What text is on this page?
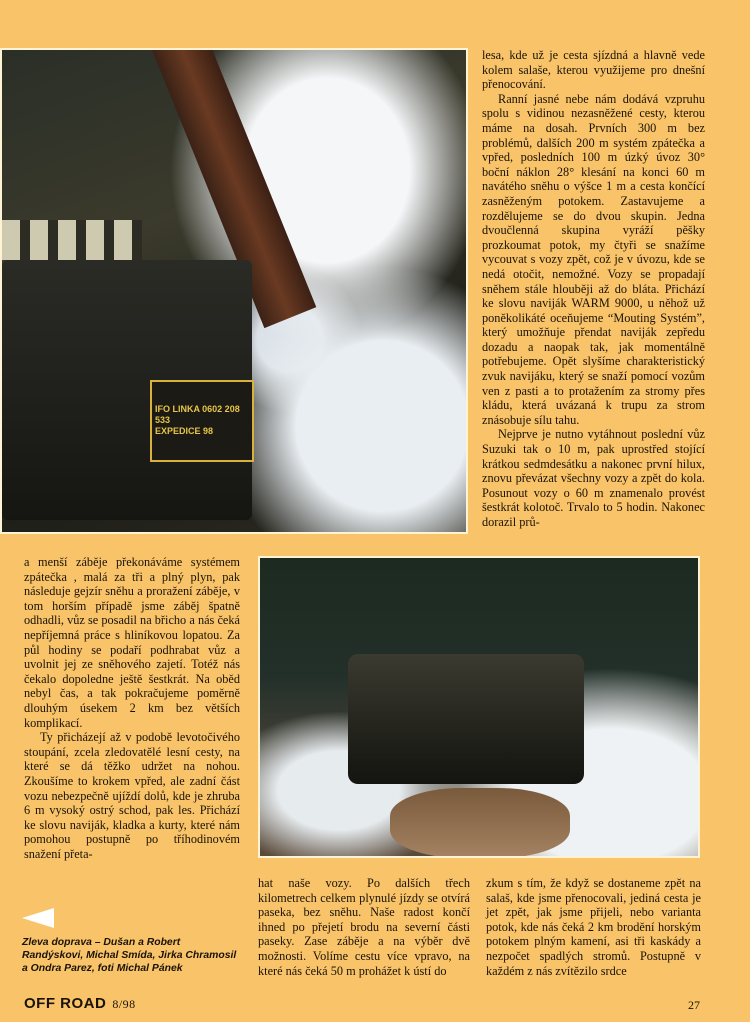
IFO LINKA 0602 208 533
EXPEDICE 98

lesa, kde už je cesta sjízdná a hlavně vede kolem salaše, kterou využijeme pro dnešní přenocování.

Ranní jasné nebe nám dodává vzpruhu spolu s vidinou nezasněžené cesty, kterou máme na dosah. Prvních 300 m bez problémů, dalších 200 m systém zpátečka a vpřed, posledních 100 m úzký úvoz 30° boční náklon 28° klesání na konci 60 m navátého sněhu o výšce 1 m a cesta končící zasněženým potokem. Zastavujeme a rozdělujeme se do dvou skupin. Jedna dvoučlenná skupina vyráží pěšky prozkoumat potok, my čtyři se snažíme vycouvat s vozy zpět, což je v úvozu, kde se nedá otočit, nemožné. Vozy se propadají sněhem stále hlouběji až do bláta. Přichází ke slovu naviják WARM 9000, u něhož už poněkolikáté oceňujeme “Mouting Systém”, který umožňuje přendat naviják zepředu dozadu a naopak tak, jak momentálně potřebujeme. Opět slyšíme charakteristický zvuk navijáku, který se snaží pomocí vozům ven z pasti a to protažením za stromy přes kládu, která uvázaná k trupu za strom znásobuje sílu tahu.

Nejprve je nutno vytáhnout poslední vůz Suzuki tak o 10 m, pak uprostřed stojící krátkou sedmdesátku a nakonec první hilux, znovu převázat všechny vozy a zpět do kola. Posunout vozy o 60 m znamenalo provést šestkrát kolotoč. Trvalo to 5 hodin. Nakonec dorazil prů-

a menší záběje překonáváme systémem zpátečka , malá za tři a plný plyn, pak následuje gejzír sněhu a proražení záběje, v tom horším případě jsme záběj špatně odhadli, vůz se posadil na břicho a nás čeká nepříjemná práce s hliníkovou lopatou. Za půl hodiny se podaří podhrabat vůz a uvolnit jej ze sněhového zajetí. Totéž nás čekalo dopoledne ještě šestkrát. Na oběd nebyl čas, a tak pokračujeme poměrně dlouhým úsekem 2 km bez větších komplikací.

Ty přicházejí až v podobě levotočivého stoupání, zcela zledovatělé lesní cesty, na které se dá těžko udržet na nohou. Zkoušíme to krokem vpřed, ale zadní část vozu nebezpečně ujíždí dolů, kde je zhruba 6 m vysoký ostrý schod, pak les. Přichází ke slovu naviják, kladka a kurty, které nám pomohou postupně po tříhodinovém snažení přeta-

hat naše vozy. Po dalších třech kilometrech celkem plynulé jízdy se otvírá paseka, bez sněhu. Naše radost končí ihned po přejetí brodu na severní části paseky. Zase záběje a na výběr dvě možnosti. Volíme cestu více vpravo, na které nás čeká 50 m prohážet k ústí do

zkum s tím, že když se dostaneme zpět na salaš, kde jsme přenocovali, jediná cesta je jet zpět, jak jsme přijeli, nebo varianta potok, kde nás čeká 2 km brodění horským potokem plným kamení, asi tři kaskády a nezpočet spadlých stromů. Postupně v každém z nás zvítězilo srdce

Zleva doprava – Dušan a Robert Randýskovi, Michal Smída, Jirka Chramosil a Ondra Parez, foti Michal Pánek
OFF ROAD 8/98	27
